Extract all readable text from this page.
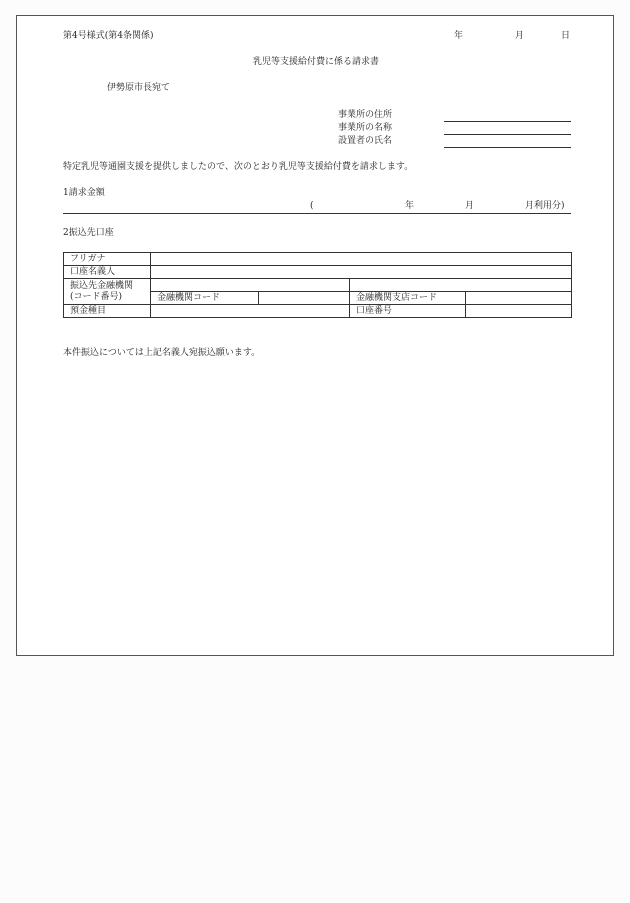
第4号様式(第4条関係)	年	月	日
乳児等支援給付費に係る請求書
伊勢原市長宛て
事業所の住所
事業所の名称
設置者の氏名
特定乳児等通園支援を提供しましたので、次のとおり乳児等支援給付費を請求します。
1請求金額
(	年	月	月利用分)
2振込先口座
フリガナ				
口座名義人				

振込先金融機関
(コード番号)				

	金融機関コード		金融機関支店コード	
預金種目			口座番号	
本件振込については上記名義人宛振込願います。
